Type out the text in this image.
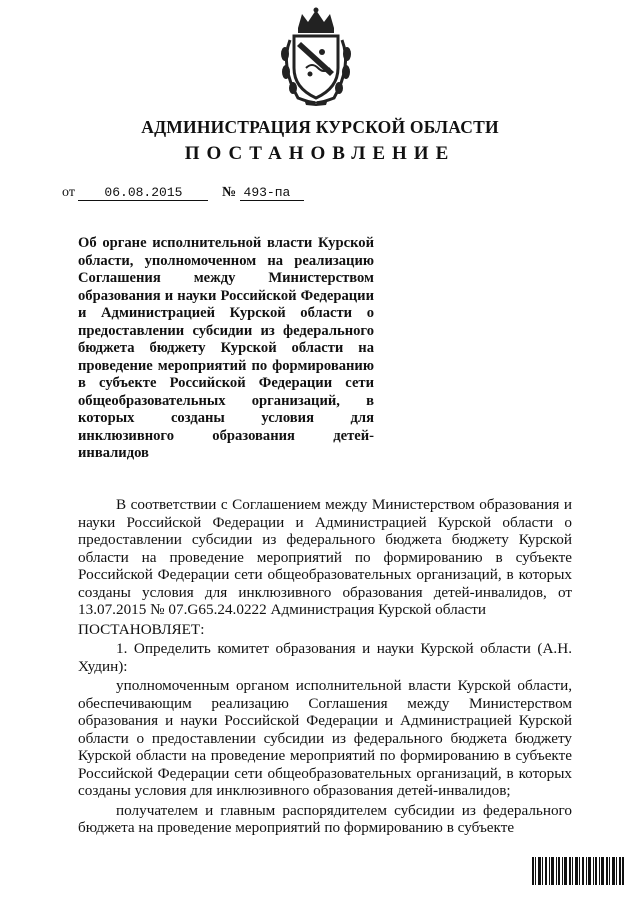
АДМИНИСТРАЦИЯ КУРСКОЙ ОБЛАСТИ
ПОСТАНОВЛЕНИЕ
от 06.08.2015	№ 493-па
Об органе исполнительной власти Курской области, уполномоченном на реализацию Соглашения между Министерством образования и науки Российской Федерации и Администрацией Курской области о предоставлении субсидии из федерального бюджета бюджету Курской области на проведение мероприятий по формированию в субъекте Российской Федерации сети общеобразовательных организаций, в которых созданы условия для инклюзивного образования детей-инвалидов

В соответствии с Соглашением между Министерством образования и науки Российской Федерации и Администрацией Курской области о предоставлении субсидии из федерального бюджета бюджету Курской области на проведение мероприятий по формированию в субъекте Российской Федерации сети общеобразовательных организаций, в которых созданы условия для инклюзивного образования детей-инвалидов, от 13.07.2015 № 07.G65.24.0222 Администрация Курской области

ПОСТАНОВЛЯЕТ:

1. Определить комитет образования и науки Курской области (А.Н. Худин):

уполномоченным органом исполнительной власти Курской области, обеспечивающим реализацию Соглашения между Министерством образования и науки Российской Федерации и Администрацией Курской области о предоставлении субсидии из федерального бюджета бюджету Курской области на проведение мероприятий по формированию в субъекте Российской Федерации сети общеобразовательных организаций, в которых созданы условия для инклюзивного образования детей-инвалидов;

получателем и главным распорядителем субсидии из федерального бюджета на проведение мероприятий по формированию в субъекте
